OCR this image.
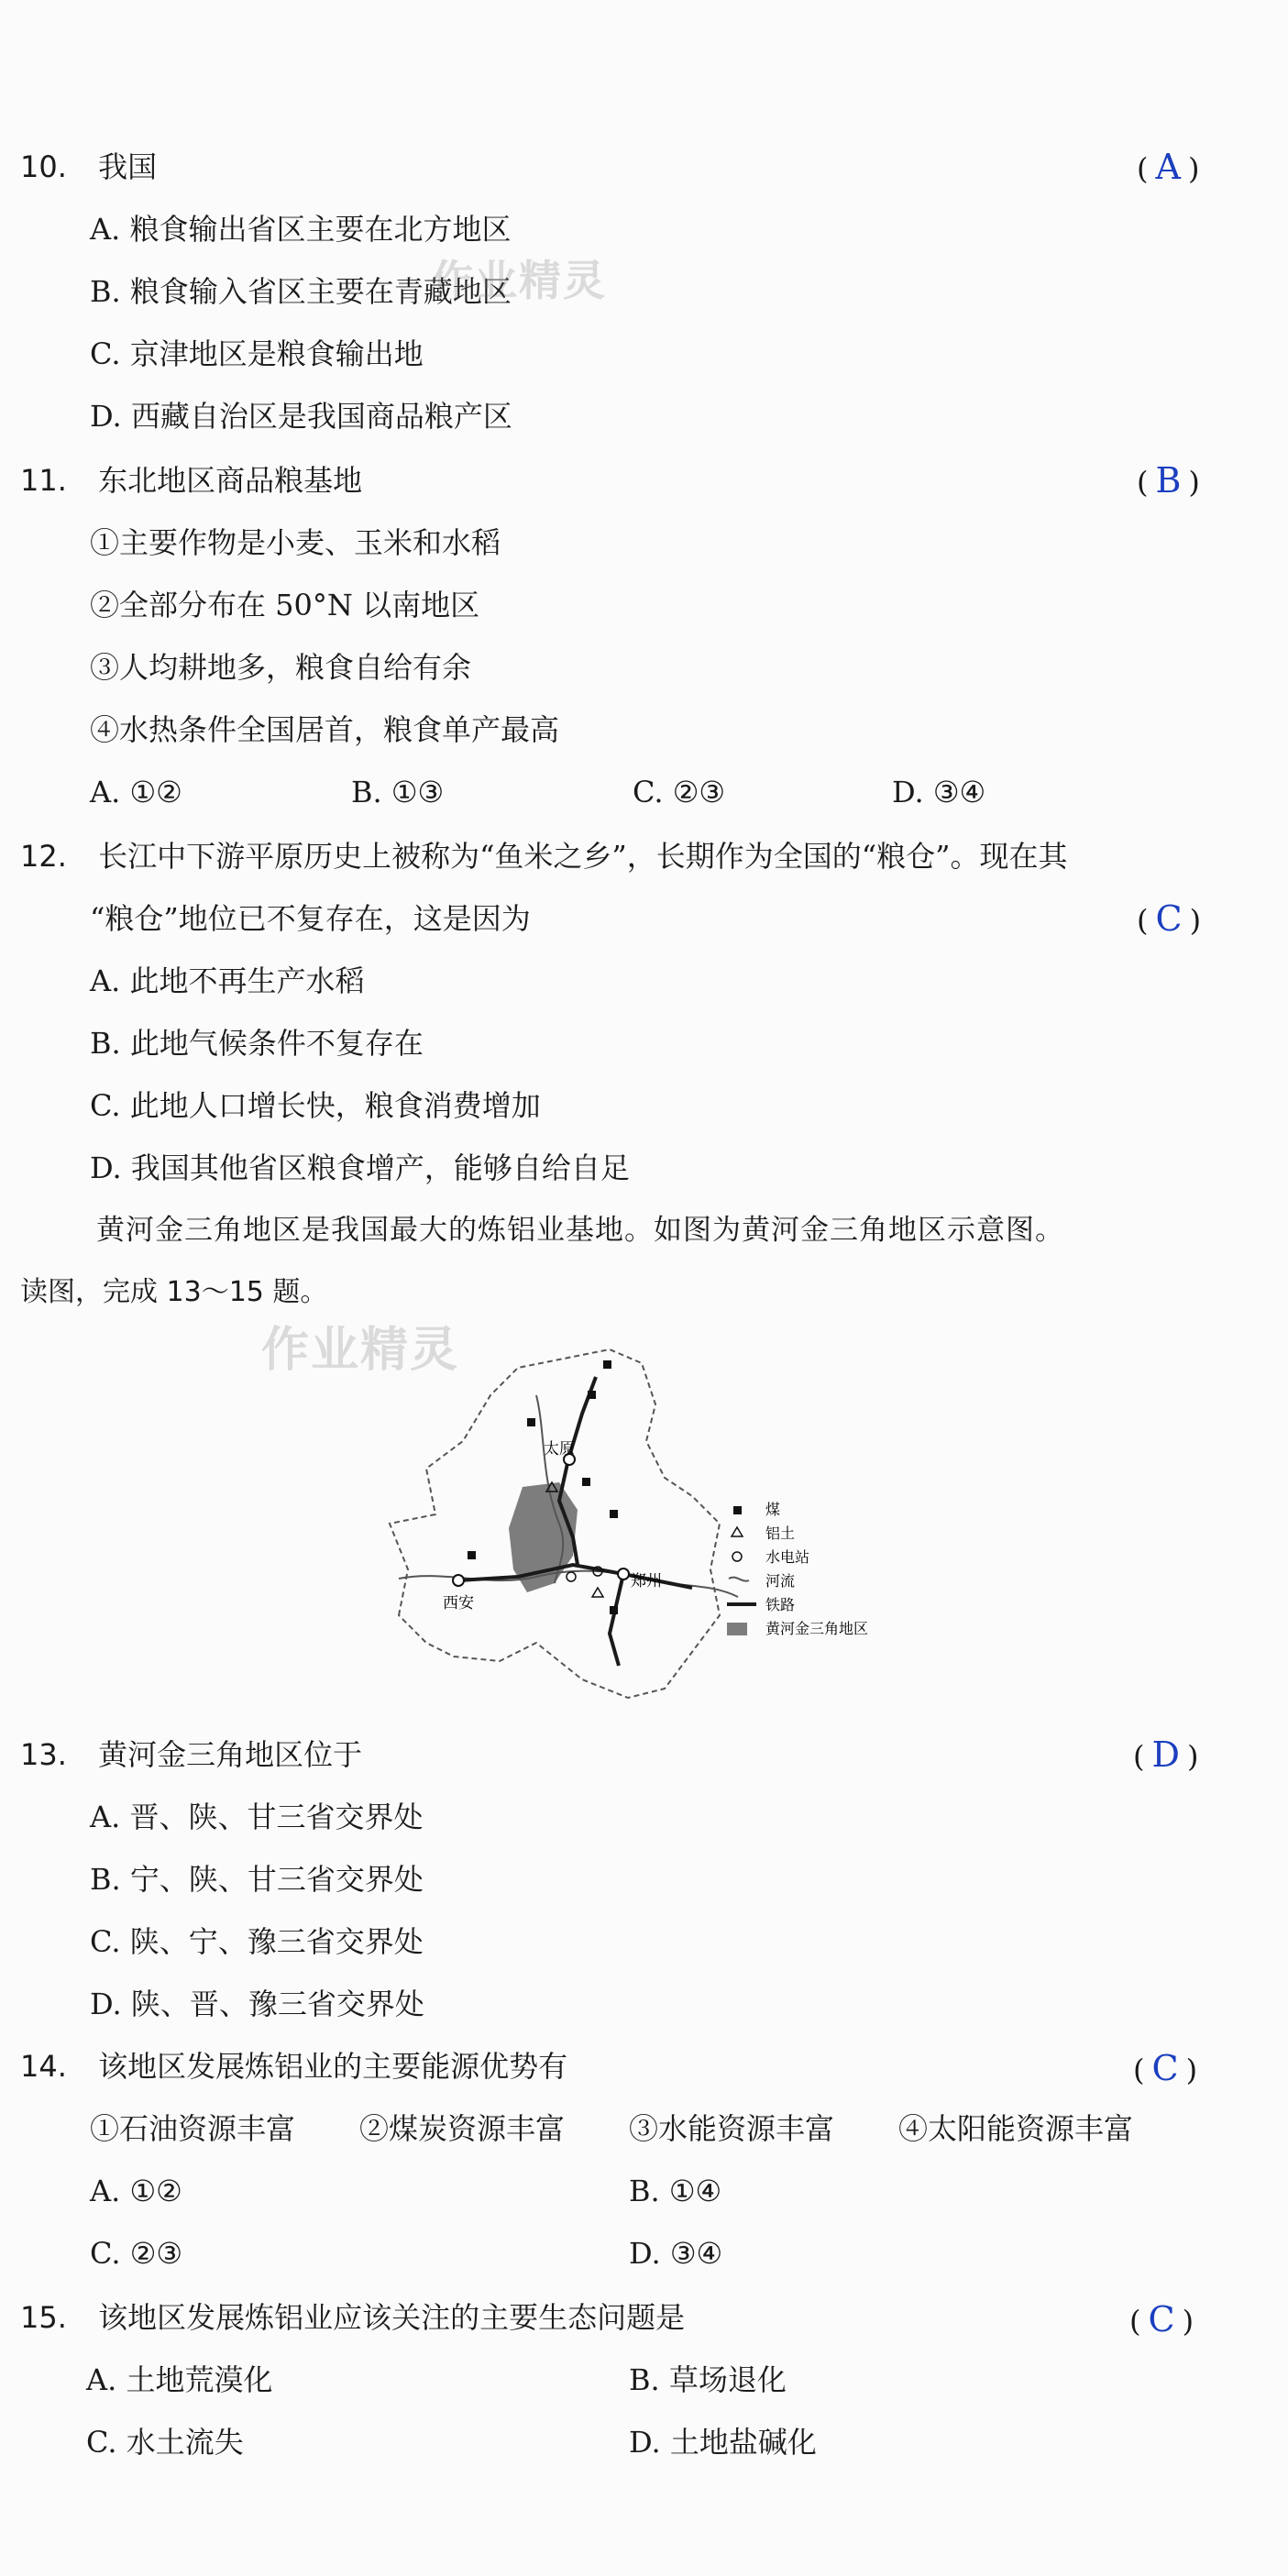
10. 我国	( A )
A. 粮食输出省区主要在北方地区
B. 粮食输入省区主要在青藏地区
C. 京津地区是粮食输出地
D. 西藏自治区是我国商品粮产区
11. 东北地区商品粮基地	( B )
①主要作物是小麦、玉米和水稻
②全部分布在 50°N 以南地区
③人均耕地多，粮食自给有余
④水热条件全国居首，粮食单产最高
A. ①②	B. ①③	C. ②③	D. ③④
12. 长江中下游平原历史上被称为“鱼米之乡”，长期作为全国的“粮仓”。现在其
“粮仓”地位已不复存在，这是因为	( C )
A. 此地不再生产水稻
B. 此地气候条件不复存在
C. 此地人口增长快，粮食消费增加
D. 我国其他省区粮食增产，能够自给自足
黄河金三角地区是我国最大的炼铝业基地。如图为黄河金三角地区示意图。
读图，完成 13～15 题。
作业精灵
作业精灵
太原
西安
郑州
煤
铝土
水电站
河流
铁路
黄河金三角地区
13. 黄河金三角地区位于	( D )
A. 晋、陕、甘三省交界处
B. 宁、陕、甘三省交界处
C. 陕、宁、豫三省交界处
D. 陕、晋、豫三省交界处
14. 该地区发展炼铝业的主要能源优势有	( C )
①石油资源丰富 ②煤炭资源丰富 ③水能资源丰富 ④太阳能资源丰富
A. ①②	B. ①④
C. ②③	D. ③④
15. 该地区发展炼铝业应该关注的主要生态问题是	( C )
A. 土地荒漠化	B. 草场退化
C. 水土流失	D. 土地盐碱化
